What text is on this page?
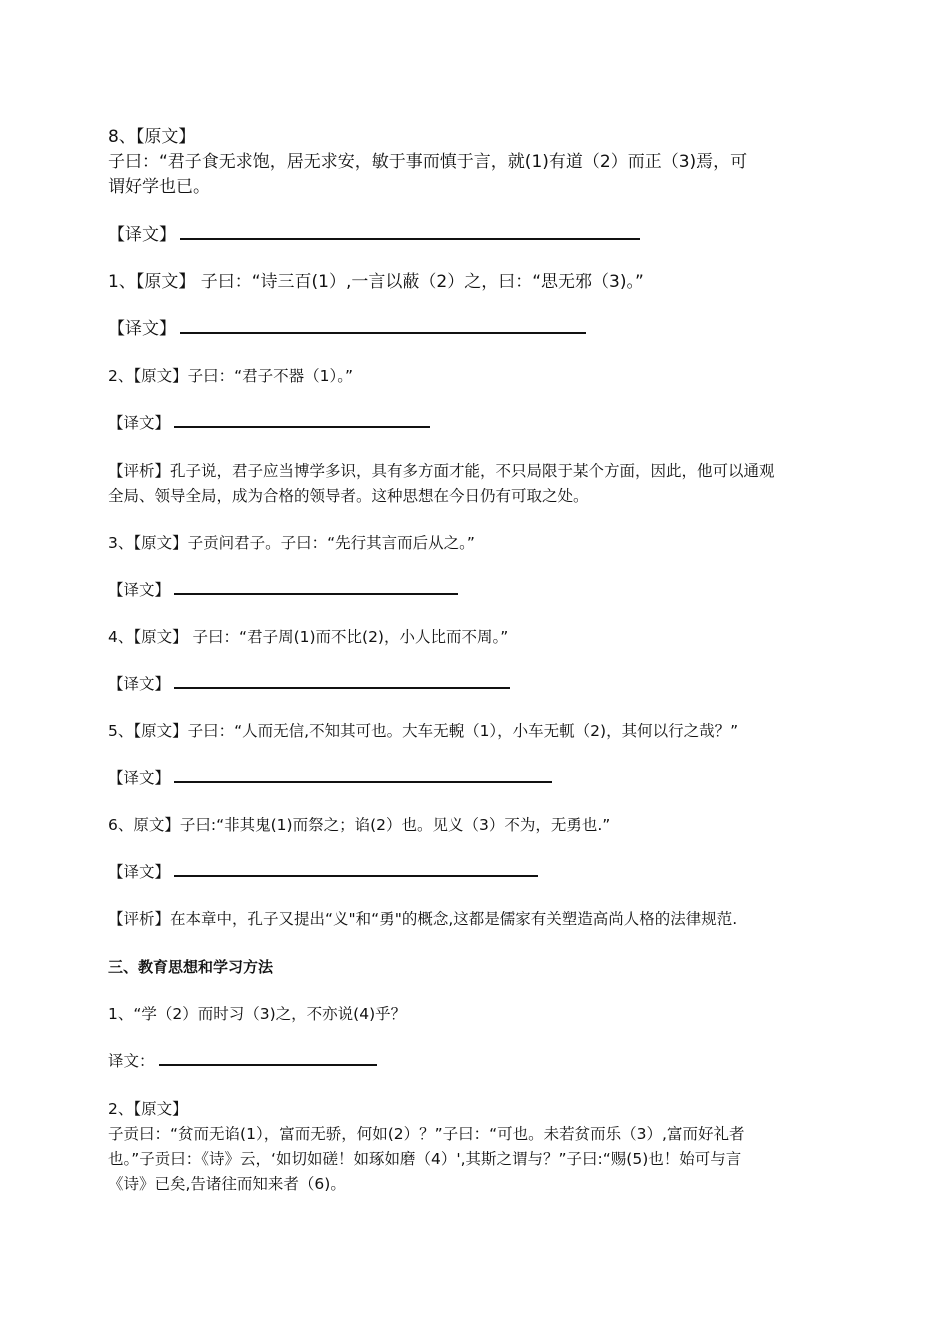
8、【原文】
子曰：“君子食无求饱，居无求安，敏于事而慎于言，就(1)有道（2）而正（3)焉，可
谓好学也已。
【译文】
1、【原文】 子曰：“诗三百(1）,一言以蔽（2）之，曰：“思无邪（3)。”
【译文】
2、【原文】子曰：“君子不器（1）。”
【译文】
【评析】孔子说，君子应当博学多识，具有多方面才能，不只局限于某个方面，因此，他可以通观
全局、领导全局，成为合格的领导者。这种思想在今日仍有可取之处。
3、【原文】子贡问君子。子曰：“先行其言而后从之。”
【译文】
4、【原文】 子曰：“君子周(1)而不比(2)，小人比而不周。”
【译文】
5、【原文】子曰：“人而无信,不知其可也。大车无輗（1），小车无軏（2)，其何以行之哉？”
【译文】
6、原文】子曰:“非其鬼(1)而祭之；谄(2）也。见义（3）不为，无勇也.”
【译文】
【评析】在本章中，孔子又提出“义"和“勇"的概念,这都是儒家有关塑造高尚人格的法律规范.
三、教育思想和学习方法
1、“学（2）而时习（3)之，不亦说(4)乎？
译文：
2、【原文】
子贡曰：“贫而无谄(1），富而无骄，何如(2）？”子曰：“可也。未若贫而乐（3）,富而好礼者
也。”子贡曰：《诗》云，‘如切如磋！如琢如磨（4）',其斯之谓与？”子曰:“赐(5)也！始可与言
《诗》已矣,告诸往而知来者（6)。
